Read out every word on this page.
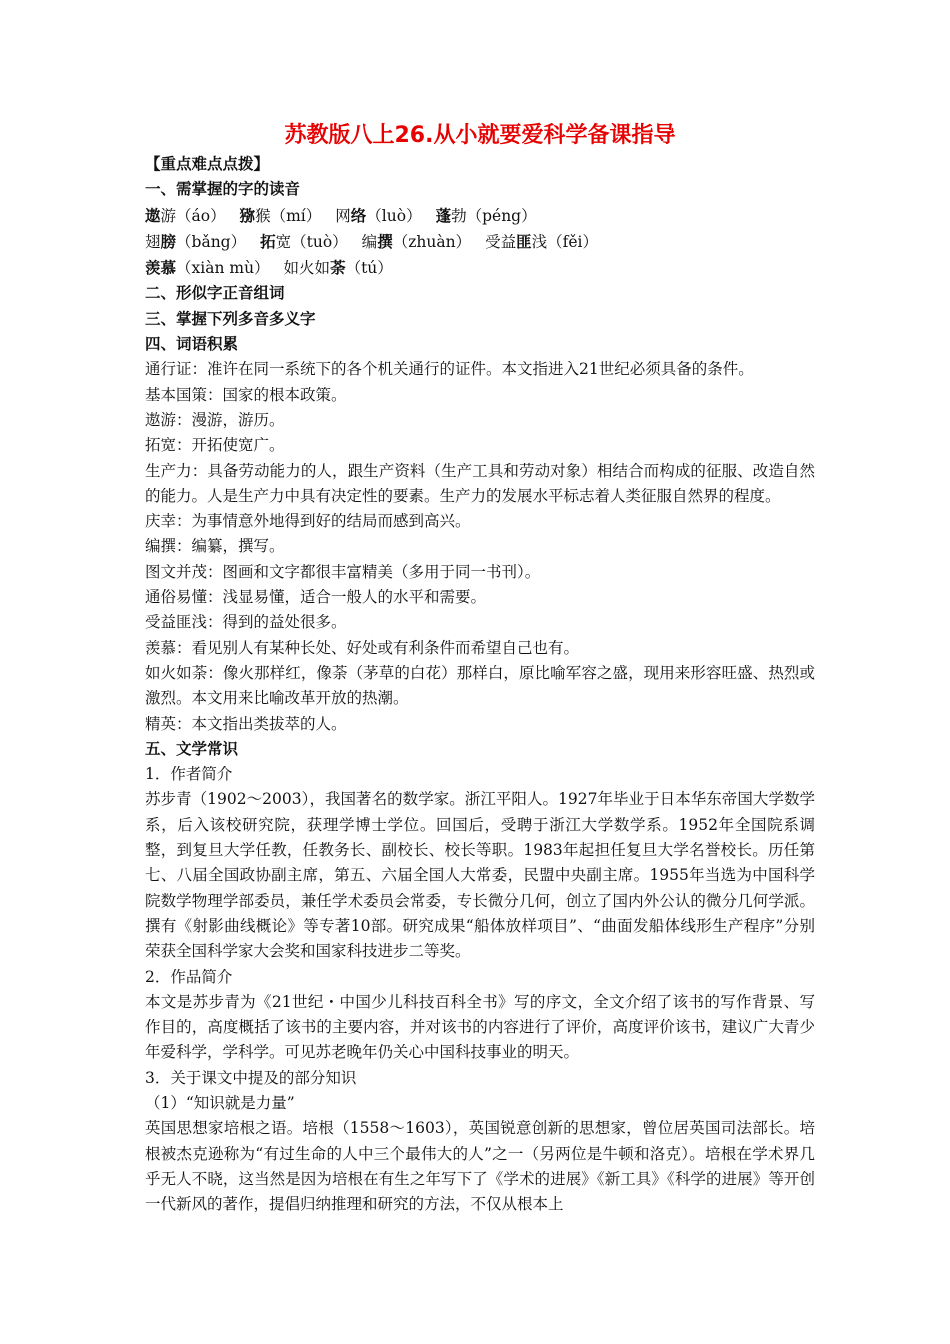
苏教版八上26.从小就要爱科学备课指导
【重点难点点拨】
一、需掌握的字的读音
遨游（áo） 猕猴（mí） 网络（luò） 蓬勃（péng）
翅膀（bǎng） 拓宽（tuò） 编撰（zhuàn） 受益匪浅（fěi）
羡慕（xiàn mù） 如火如荼（tú）
二、形似字正音组词
三、掌握下列多音多义字
四、词语积累
通行证：准许在同一系统下的各个机关通行的证件。本文指进入21世纪必须具备的条件。
基本国策：国家的根本政策。
遨游：漫游，游历。
拓宽：开拓使宽广。
生产力：具备劳动能力的人，跟生产资料（生产工具和劳动对象）相结合而构成的征服、改造自然的能力。人是生产力中具有决定性的要素。生产力的发展水平标志着人类征服自然界的程度。
庆幸：为事情意外地得到好的结局而感到高兴。
编撰：编纂，撰写。
图文并茂：图画和文字都很丰富精美（多用于同一书刊）。
通俗易懂：浅显易懂，适合一般人的水平和需要。
受益匪浅：得到的益处很多。
羡慕：看见别人有某种长处、好处或有利条件而希望自己也有。
如火如荼：像火那样红，像荼（茅草的白花）那样白，原比喻军容之盛，现用来形容旺盛、热烈或激烈。本文用来比喻改革开放的热潮。
精英：本文指出类拔萃的人。
五、文学常识
1．作者简介
苏步青（1902～2003），我国著名的数学家。浙江平阳人。1927年毕业于日本华东帝国大学数学系，后入该校研究院，获理学博士学位。回国后，受聘于浙江大学数学系。1952年全国院系调整，到复旦大学任教，任教务长、副校长、校长等职。1983年起担任复旦大学名誉校长。历任第七、八届全国政协副主席，第五、六届全国人大常委，民盟中央副主席。1955年当选为中国科学院数学物理学部委员，兼任学术委员会常委，专长微分几何，创立了国内外公认的微分几何学派。撰有《射影曲线概论》等专著10部。研究成果“船体放样项目”、“曲面发船体线形生产程序”分别荣获全国科学家大会奖和国家科技进步二等奖。
2．作品简介
本文是苏步青为《21世纪・中国少儿科技百科全书》写的序文，全文介绍了该书的写作背景、写作目的，高度概括了该书的主要内容，并对该书的内容进行了评价，高度评价该书，建议广大青少年爱科学，学科学。可见苏老晚年仍关心中国科技事业的明天。
3．关于课文中提及的部分知识
（1）“知识就是力量”
英国思想家培根之语。培根（1558～1603），英国锐意创新的思想家，曾位居英国司法部长。培根被杰克逊称为“有过生命的人中三个最伟大的人”之一（另两位是牛顿和洛克）。培根在学术界几乎无人不晓，这当然是因为培根在有生之年写下了《学术的进展》《新工具》《科学的进展》等开创一代新风的著作，提倡归纳推理和研究的方法，不仅从根本上
